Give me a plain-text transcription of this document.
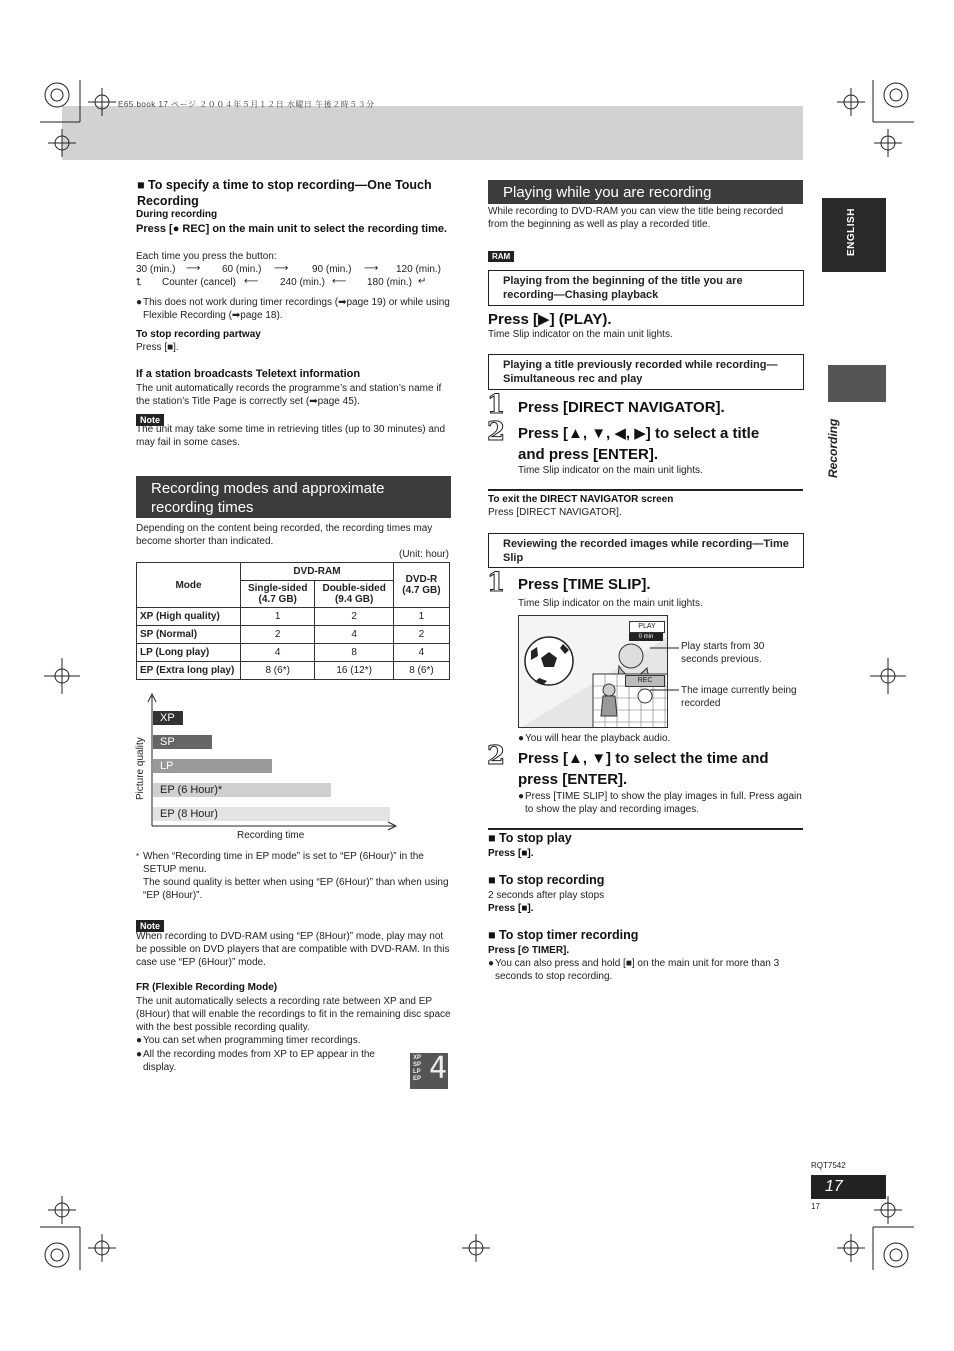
E65.book 17 ページ ２００４年５月１２日 水曜日 午後２時５３分
ENGLISH
Recording
■ To specify a time to stop recording—One Touch Recording
During recording
Press [● REC] on the main unit to select the recording time.
Each time you press the button:
30 (min.) ⟶ 60 (min.) ⟶ 90 (min.) ⟶ 120 (min.)
⮤ Counter (cancel) ⟵ 240 (min.) ⟵ 180 (min.) ↵
● This does not work during timer recordings (➡page 19) or while using Flexible Recording (➡page 18).
To stop recording partway
Press [■].
If a station broadcasts Teletext information
The unit automatically records the programme’s and station’s name if the station’s Title Page is correctly set (➡page 45).
Note
The unit may take some time in retrieving titles (up to 30 minutes) and may fail in some cases.
Recording modes and approximate recording times
Depending on the content being recorded, the recording times may become shorter than indicated.
(Unit: hour)
Mode	DVD-RAM		DVD-R (4.7 GB)
	Single-sided (4.7 GB)	Double-sided (9.4 GB)	
XP (High quality)	1	2	1
SP (Normal)	2	4	2
LP (Long play)	4	8	4
EP (Extra long play)	8 (6*)	16 (12*)	8 (6*)
Picture quality
XP
SP
LP
EP (6 Hour)*
EP (8 Hour)
Recording time
* When “Recording time in EP mode” is set to “EP (6Hour)” in the SETUP menu.
The sound quality is better when using “EP (6Hour)” than when using “EP (8Hour)”.
Note
When recording to DVD-RAM using “EP (8Hour)” mode, play may not be possible on DVD players that are compatible with DVD-RAM. In this case use “EP (6Hour)” mode.
FR (Flexible Recording Mode)
The unit automatically selects a recording rate between XP and EP (8Hour) that will enable the recordings to fit in the remaining disc space with the best possible recording quality.
● You can set when programming timer recordings.
● All the recording modes from XP to EP appear in the display.
XP SP LP EP 4
Playing while you are recording
While recording to DVD-RAM you can view the title being recorded from the beginning as well as play a recorded title.
RAM
Playing from the beginning of the title you are recording—Chasing playback
Press [▶] (PLAY).
Time Slip indicator on the main unit lights.
Playing a title previously recorded while recording—Simultaneous rec and play
1 Press [DIRECT NAVIGATOR].
2 Press [▲, ▼, ◀, ▶] to select a title and press [ENTER].
Time Slip indicator on the main unit lights.
To exit the DIRECT NAVIGATOR screen
Press [DIRECT NAVIGATOR].
Reviewing the recorded images while recording—Time Slip
1 Press [TIME SLIP].
Time Slip indicator on the main unit lights.
PLAY
0 min
REC
Play starts from 30 seconds previous.
The image currently being recorded
● You will hear the playback audio.
2 Press [▲, ▼] to select the time and press [ENTER].
● Press [TIME SLIP] to show the play images in full. Press again to show the play and recording images.
■ To stop play
Press [■].
■ To stop recording
2 seconds after play stops
Press [■].
■ To stop timer recording
Press [⏲ TIMER].
● You can also press and hold [■] on the main unit for more than 3 seconds to stop recording.
RQT7542
17
17
